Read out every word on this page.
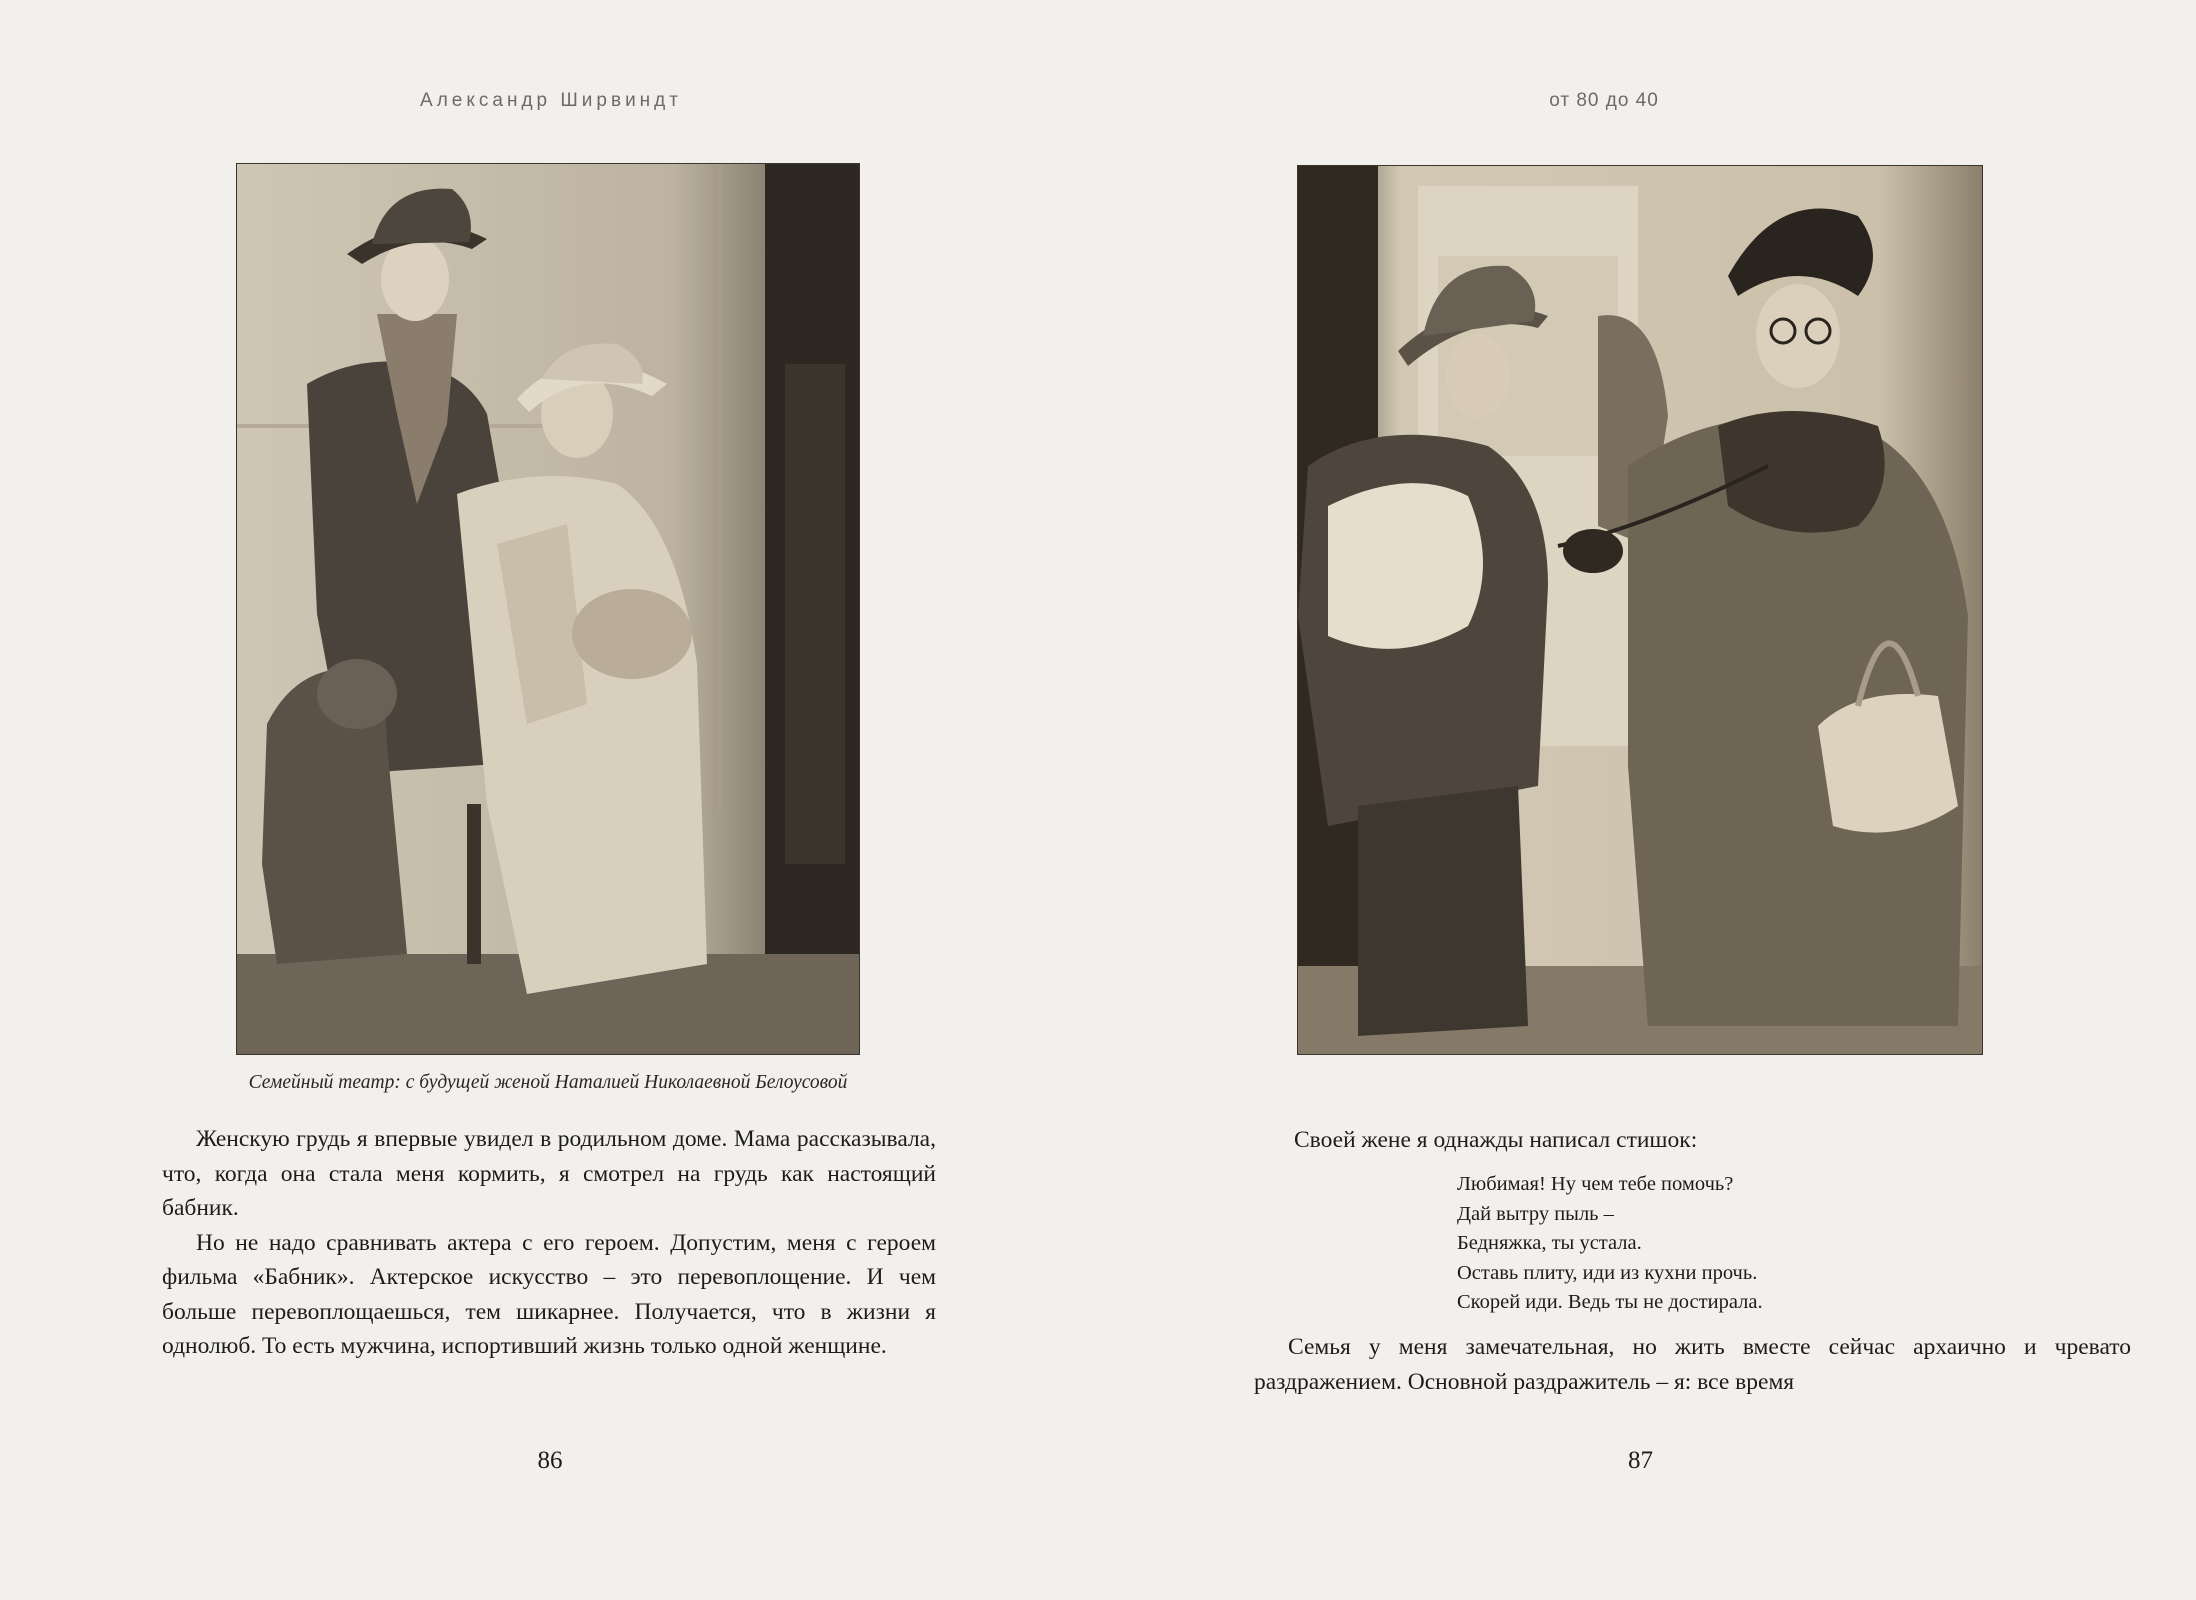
Александр Ширвиндт
Семейный театр: с будущей женой Наталией Николаевной Белоусовой

Женскую грудь я впервые увидел в родильном доме. Мама рассказывала, что, когда она стала меня кормить, я смотрел на грудь как настоящий бабник.

Но не надо сравнивать актера с его героем. Допустим, меня с героем фильма «Бабник». Актерское искусство – это перевоплощение. И чем больше перевоплощаешься, тем шикарнее. Получается, что в жизни я однолюб. То есть мужчина, испортивший жизнь только одной женщине.

86
от 80 до 40
Своей жене я однажды написал стишок:
Любимая! Ну чем тебе помочь?
Дай вытру пыль –
Бедняжка, ты устала.
Оставь плиту, иди из кухни прочь.
Скорей иди. Ведь ты не достирала.

Семья у меня замечательная, но жить вместе сейчас архаично и чревато раздражением. Основной раздражитель – я: все время

87
